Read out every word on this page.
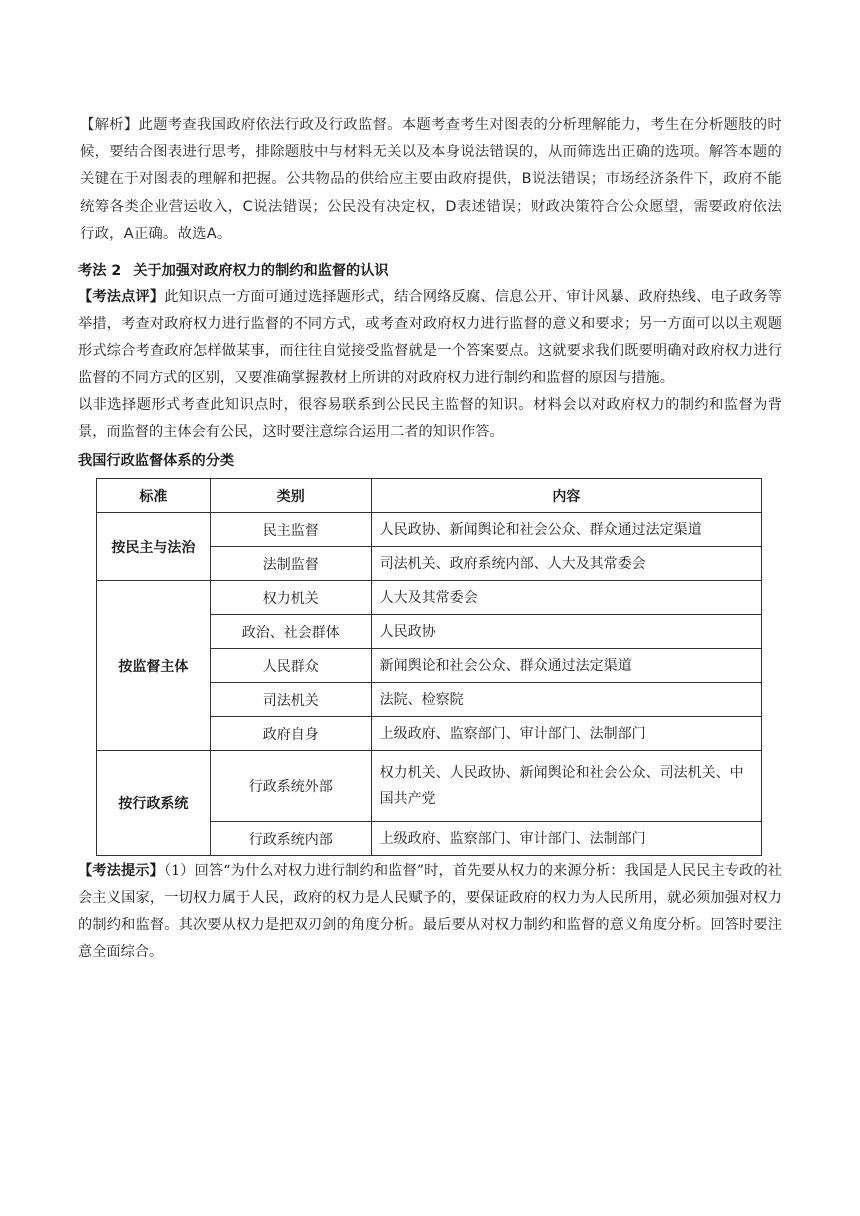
【解析】此题考查我国政府依法行政及行政监督。本题考查考生对图表的分析理解能力，考生在分析题肢的时候，要结合图表进行思考，排除题肢中与材料无关以及本身说法错误的，从而筛选出正确的选项。解答本题的关键在于对图表的理解和把握。公共物品的供给应主要由政府提供，B说法错误；市场经济条件下，政府不能统筹各类企业营运收入，C说法错误；公民没有决定权，D表述错误；财政决策符合公众愿望，需要政府依法行政，A正确。故选A。
考法 2 关于加强对政府权力的制约和监督的认识

【考法点评】此知识点一方面可通过选择题形式，结合网络反腐、信息公开、审计风暴、政府热线、电子政务等举措，考查对政府权力进行监督的不同方式，或考查对政府权力进行监督的意义和要求；另一方面可以以主观题形式综合考查政府怎样做某事，而往往自觉接受监督就是一个答案要点。这就要求我们既要明确对政府权力进行监督的不同方式的区别，又要准确掌握教材上所讲的对政府权力进行制约和监督的原因与措施。

以非选择题形式考查此知识点时，很容易联系到公民民主监督的知识。材料会以对政府权力的制约和监督为背景，而监督的主体会有公民，这时要注意综合运用二者的知识作答。

我国行政监督体系的分类
标准	类别	内容
按民主与法治	民主监督	人民政协、新闻舆论和社会公众、群众通过法定渠道
	法制监督	司法机关、政府系统内部、人大及其常委会
按监督主体	权力机关	人大及其常委会
	政治、社会群体	人民政协
	人民群众	新闻舆论和社会公众、群众通过法定渠道
	司法机关	法院、检察院
	政府自身	上级政府、监察部门、审计部门、法制部门
按行政系统	行政系统外部	权力机关、人民政协、新闻舆论和社会公众、司法机关、中国共产党
	行政系统内部	上级政府、监察部门、审计部门、法制部门

【考法提示】（1）回答“为什么对权力进行制约和监督”时，首先要从权力的来源分析：我国是人民民主专政的社会主义国家，一切权力属于人民，政府的权力是人民赋予的，要保证政府的权力为人民所用，就必须加强对权力的制约和监督。其次要从权力是把双刃剑的角度分析。最后要从对权力制约和监督的意义角度分析。回答时要注意全面综合。
